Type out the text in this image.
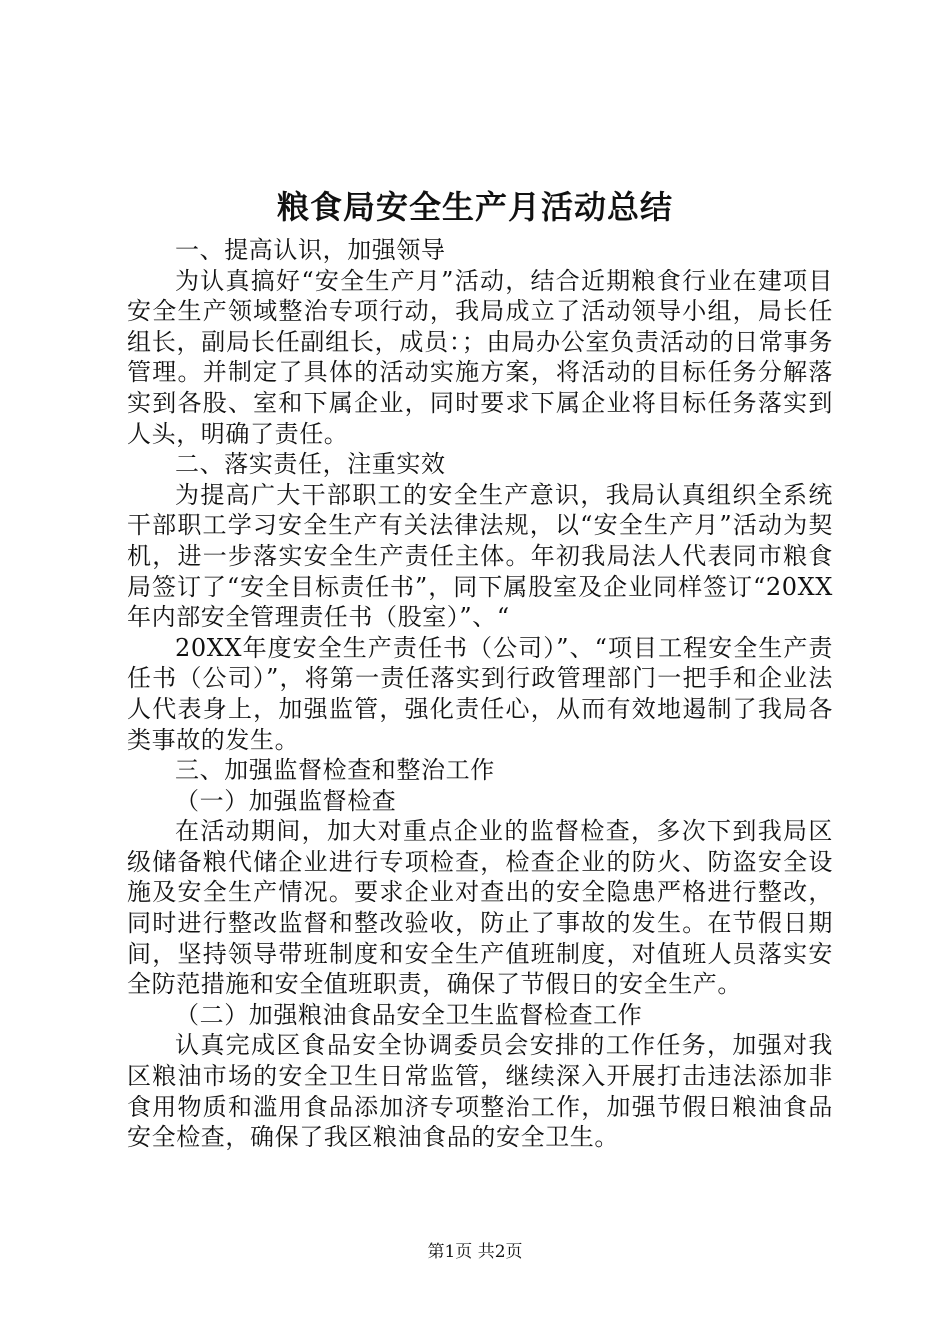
粮食局安全生产月活动总结

一、提高认识，加强领导

为认真搞好“安全生产月”活动，结合近期粮食行业在建项目安全生产领域整治专项行动，我局成立了活动领导小组，局长任组长，副局长任副组长，成员：；由局办公室负责活动的日常事务管理。并制定了具体的活动实施方案，将活动的目标任务分解落实到各股、室和下属企业，同时要求下属企业将目标任务落实到人头，明确了责任。

二、落实责任，注重实效

为提高广大干部职工的安全生产意识，我局认真组织全系统干部职工学习安全生产有关法律法规，以“安全生产月”活动为契机，进一步落实安全生产责任主体。年初我局法人代表同市粮食局签订了“安全目标责任书”，同下属股室及企业同样签订“20XX年内部安全管理责任书（股室）”、“

20XX年度安全生产责任书（公司）”、“项目工程安全生产责任书（公司）”，将第一责任落实到行政管理部门一把手和企业法人代表身上，加强监管，强化责任心，从而有效地遏制了我局各类事故的发生。

三、加强监督检查和整治工作

（一）加强监督检查

在活动期间，加大对重点企业的监督检查，多次下到我局区级储备粮代储企业进行专项检查，检查企业的防火、防盗安全设施及安全生产情况。要求企业对查出的安全隐患严格进行整改，同时进行整改监督和整改验收，防止了事故的发生。在节假日期间，坚持领导带班制度和安全生产值班制度，对值班人员落实安全防范措施和安全值班职责，确保了节假日的安全生产。

（二）加强粮油食品安全卫生监督检查工作

认真完成区食品安全协调委员会安排的工作任务，加强对我区粮油市场的安全卫生日常监管，继续深入开展打击违法添加非食用物质和滥用食品添加济专项整治工作，加强节假日粮油食品安全检查，确保了我区粮油食品的安全卫生。

第1页 共2页
